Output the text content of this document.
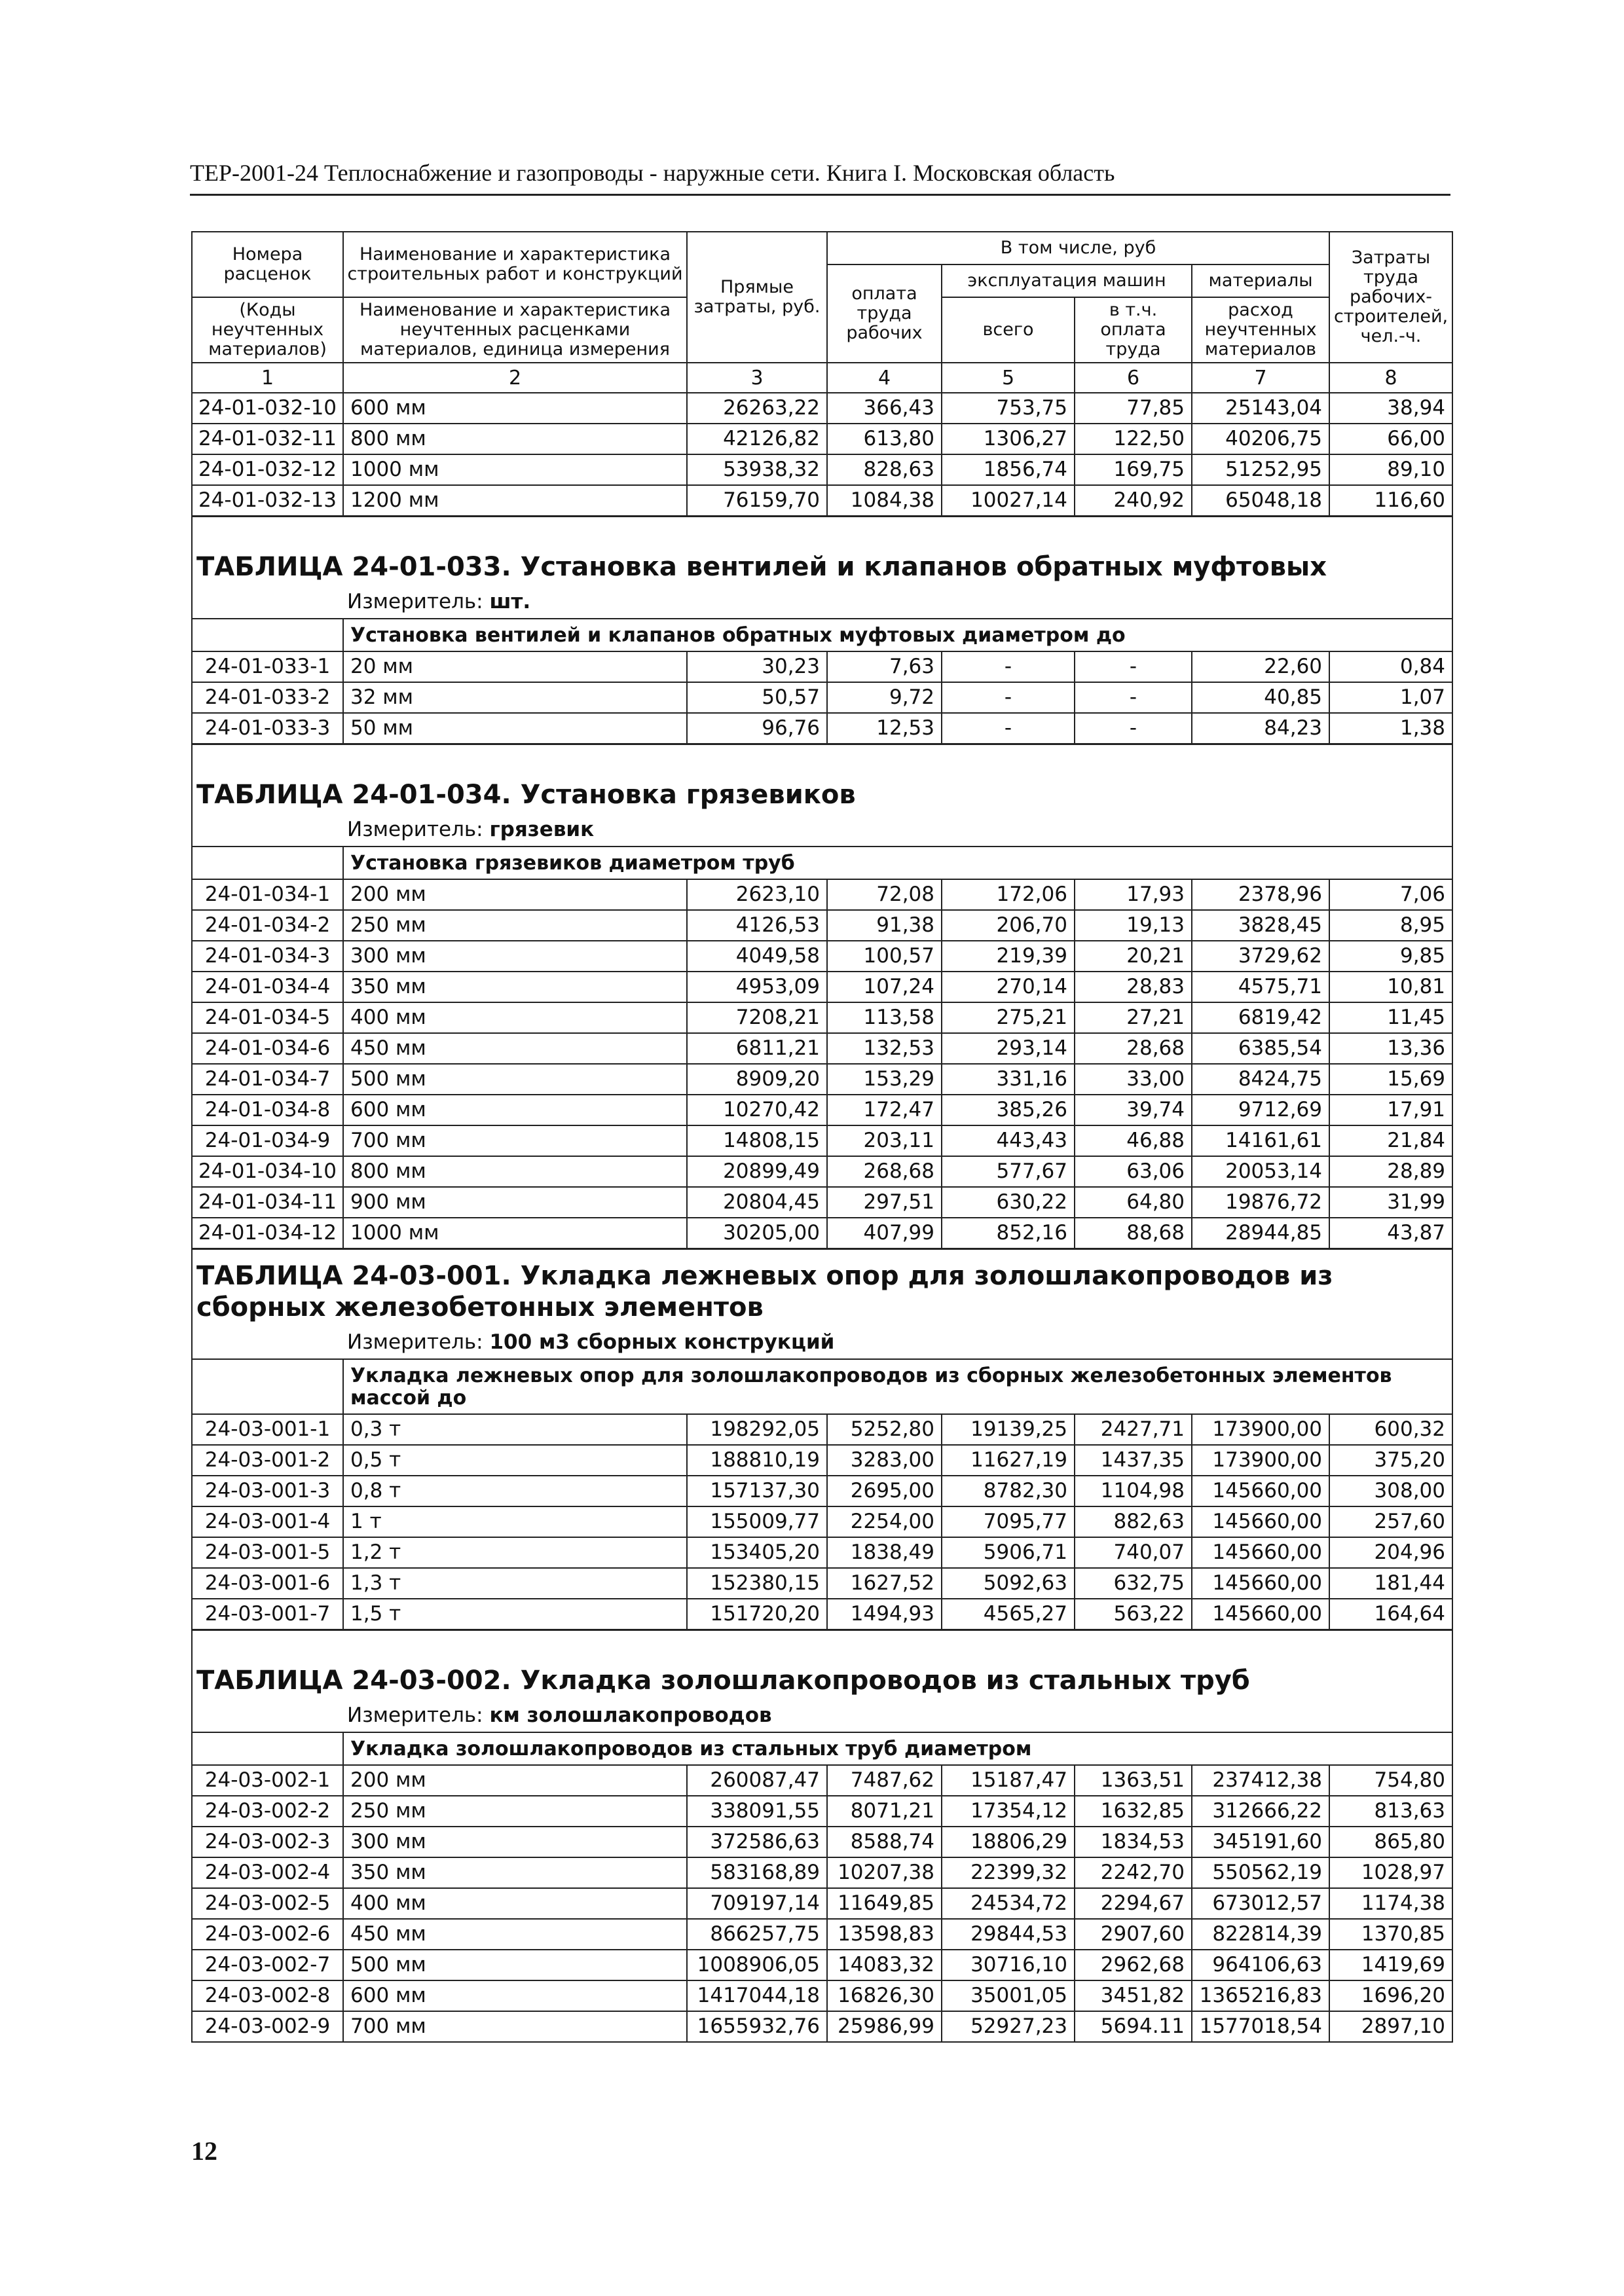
ТЕР-2001-24 Теплоснабжение и газопроводы - наружные сети. Книга I. Московская область
Номера расценок	Наименование и характеристика строительных работ и конструкций	Прямые затраты, руб.	В том числе, руб				Затраты труда рабочих-строителей, чел.-ч.
			оплата труда рабочих	эксплуатация машин		материалы	
(Коды неучтенных материалов)	Наименование и характеристика неучтенных расценками материалов, единица измерения			всего	в т.ч. оплата труда	расход неучтенных материалов	

1	2	3	4	5	6	7	8
24-01-032-10	600 мм	26263,22	366,43	753,75	77,85	25143,04	38,94
24-01-032-11	800 мм	42126,82	613,80	1306,27	122,50	40206,75	66,00
24-01-032-12	1000 мм	53938,32	828,63	1856,74	169,75	51252,95	89,10
24-01-032-13	1200 мм	76159,70	1084,38	10027,14	240,92	65048,18	116,60
ТАБЛИЦА 24-01-033. Установка вентилей и клапанов обратных муфтовых							
Измеритель: шт.							
	Установка вентилей и клапанов обратных муфтовых диаметром до						
24-01-033-1	20 мм	30,23	7,63	-	-	22,60	0,84
24-01-033-2	32 мм	50,57	9,72	-	-	40,85	1,07
24-01-033-3	50 мм	96,76	12,53	-	-	84,23	1,38
ТАБЛИЦА 24-01-034. Установка грязевиков							
Измеритель: грязевик							
	Установка грязевиков диаметром труб						
24-01-034-1	200 мм	2623,10	72,08	172,06	17,93	2378,96	7,06
24-01-034-2	250 мм	4126,53	91,38	206,70	19,13	3828,45	8,95
24-01-034-3	300 мм	4049,58	100,57	219,39	20,21	3729,62	9,85
24-01-034-4	350 мм	4953,09	107,24	270,14	28,83	4575,71	10,81
24-01-034-5	400 мм	7208,21	113,58	275,21	27,21	6819,42	11,45
24-01-034-6	450 мм	6811,21	132,53	293,14	28,68	6385,54	13,36
24-01-034-7	500 мм	8909,20	153,29	331,16	33,00	8424,75	15,69
24-01-034-8	600 мм	10270,42	172,47	385,26	39,74	9712,69	17,91
24-01-034-9	700 мм	14808,15	203,11	443,43	46,88	14161,61	21,84
24-01-034-10	800 мм	20899,49	268,68	577,67	63,06	20053,14	28,89
24-01-034-11	900 мм	20804,45	297,51	630,22	64,80	19876,72	31,99
24-01-034-12	1000 мм	30205,00	407,99	852,16	88,68	28944,85	43,87
ТАБЛИЦА 24-03-001. Укладка лежневых опор для золошлакопроводов из сборных железобетонных элементов							
Измеритель: 100 м3 сборных конструкций							
	Укладка лежневых опор для золошлакопроводов из сборных железобетонных элементов массой до						
24-03-001-1	0,3 т	198292,05	5252,80	19139,25	2427,71	173900,00	600,32
24-03-001-2	0,5 т	188810,19	3283,00	11627,19	1437,35	173900,00	375,20
24-03-001-3	0,8 т	157137,30	2695,00	8782,30	1104,98	145660,00	308,00
24-03-001-4	1 т	155009,77	2254,00	7095,77	882,63	145660,00	257,60
24-03-001-5	1,2 т	153405,20	1838,49	5906,71	740,07	145660,00	204,96
24-03-001-6	1,3 т	152380,15	1627,52	5092,63	632,75	145660,00	181,44
24-03-001-7	1,5 т	151720,20	1494,93	4565,27	563,22	145660,00	164,64
ТАБЛИЦА 24-03-002. Укладка золошлакопроводов из стальных труб							
Измеритель: км золошлакопроводов							
	Укладка золошлакопроводов из стальных труб диаметром						
24-03-002-1	200 мм	260087,47	7487,62	15187,47	1363,51	237412,38	754,80
24-03-002-2	250 мм	338091,55	8071,21	17354,12	1632,85	312666,22	813,63
24-03-002-3	300 мм	372586,63	8588,74	18806,29	1834,53	345191,60	865,80
24-03-002-4	350 мм	583168,89	10207,38	22399,32	2242,70	550562,19	1028,97
24-03-002-5	400 мм	709197,14	11649,85	24534,72	2294,67	673012,57	1174,38
24-03-002-6	450 мм	866257,75	13598,83	29844,53	2907,60	822814,39	1370,85
24-03-002-7	500 мм	1008906,05	14083,32	30716,10	2962,68	964106,63	1419,69
24-03-002-8	600 мм	1417044,18	16826,30	35001,05	3451,82	1365216,83	1696,20
24-03-002-9	700 мм	1655932,76	25986,99	52927,23	5694.11	1577018,54	2897,10
12
